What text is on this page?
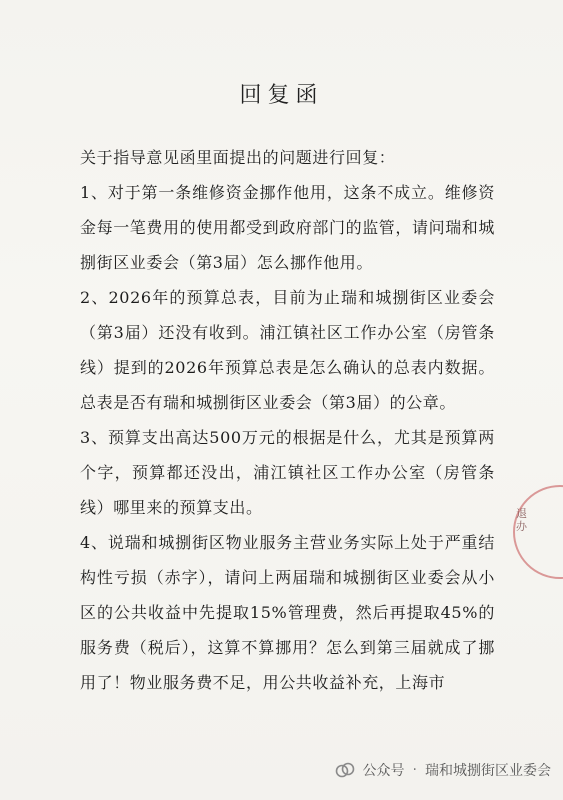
回复函

关于指导意见函里面提出的问题进行回复：

1、对于第一条维修资金挪作他用，这条不成立。维修资金每一笔费用的使用都受到政府部门的监管，请问瑞和城捌街区业委会（第3届）怎么挪作他用。

2、2026年的预算总表，目前为止瑞和城捌街区业委会（第3届）还没有收到。浦江镇社区工作办公室（房管条线）提到的2026年预算总表是怎么确认的总表内数据。总表是否有瑞和城捌街区业委会（第3届）的公章。

3、预算支出高达500万元的根据是什么，尤其是预算两个字，预算都还没出，浦江镇社区工作办公室（房管条线）哪里来的预算支出。

4、说瑞和城捌街区物业服务主营业务实际上处于严重结构性亏损（赤字），请问上两届瑞和城捌街区业委会从小区的公共收益中先提取15%管理费，然后再提取45%的服务费（税后），这算不算挪用？怎么到第三届就成了挪用了！物业服务费不足，用公共收益补充，上海市

退办
公众号 · 瑞和城捌街区业委会
